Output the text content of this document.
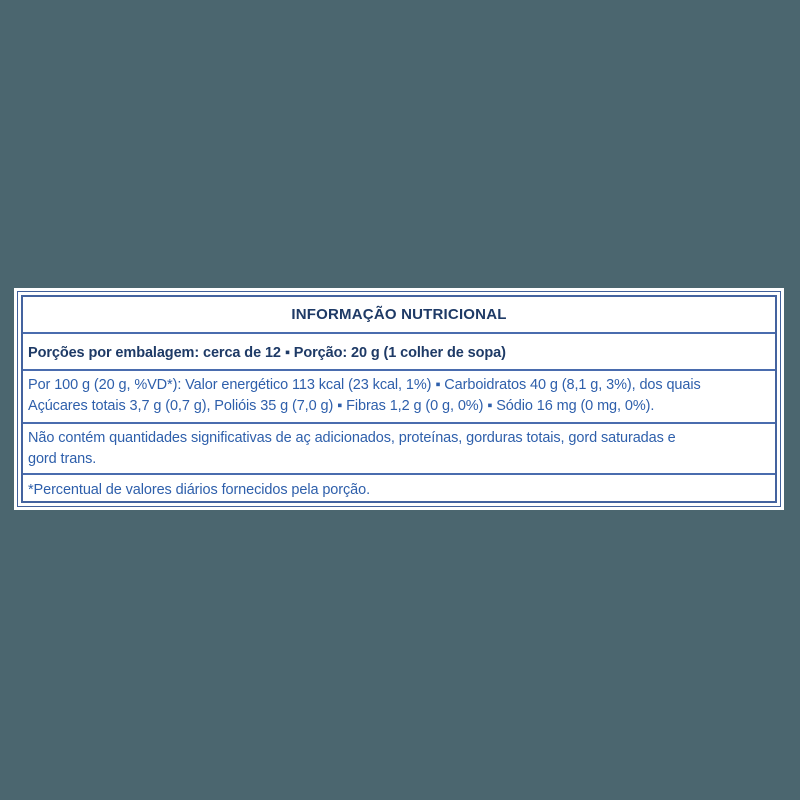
INFORMAÇÃO NUTRICIONAL
Porções por embalagem: cerca de 12 ▪ Porção: 20 g (1 colher de sopa)
Por 100 g (20 g, %VD*): Valor energético 113 kcal (23 kcal, 1%) ▪ Carboidratos 40 g (8,1 g, 3%), dos quais
Açúcares totais 3,7 g (0,7 g), Polióis 35 g (7,0 g) ▪ Fibras 1,2 g (0 g, 0%) ▪ Sódio 16 mg (0 mg, 0%).
Não contém quantidades significativas de aç adicionados, proteínas, gorduras totais, gord saturadas e
gord trans.
*Percentual de valores diários fornecidos pela porção.
